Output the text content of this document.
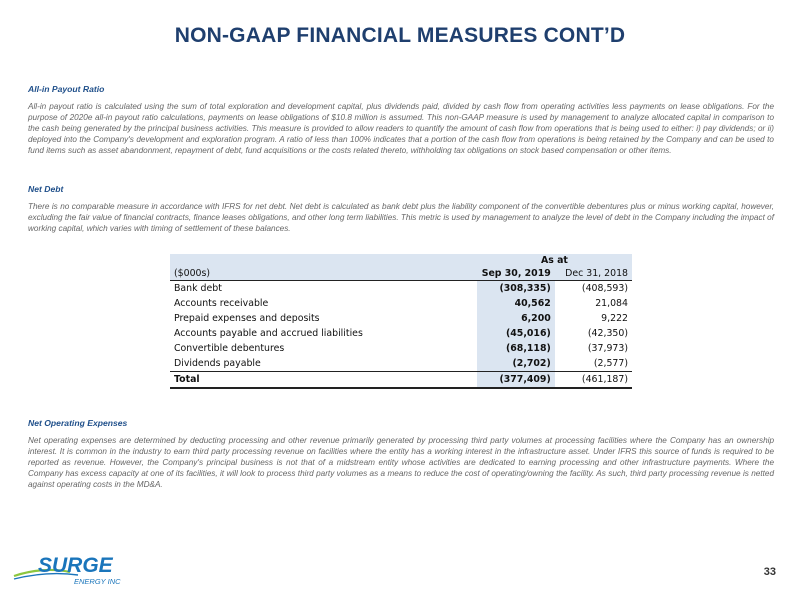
NON-GAAP FINANCIAL MEASURES CONT’D

All-in Payout Ratio

All-in payout ratio is calculated using the sum of total exploration and development capital, plus dividends paid, divided by cash flow from operating activities less payments on lease obligations. For the purpose of 2020e all-in payout ratio calculations, payments on lease obligations of $10.8 million is assumed. This non-GAAP measure is used by management to analyze allocated capital in comparison to the cash being generated by the principal business activities. This measure is provided to allow readers to quantify the amount of cash flow from operations that is being used to either: i) pay dividends; or ii) deployed into the Company's development and exploration program. A ratio of less than 100% indicates that a portion of the cash flow from operations is being retained by the Company and can be used to fund items such as asset abandonment, repayment of debt, fund acquisitions or the costs related thereto, withholding tax obligations on stock based compensation or other items.

Net Debt

There is no comparable measure in accordance with IFRS for net debt. Net debt is calculated as bank debt plus the liability component of the convertible debentures plus or minus working capital, however, excluding the fair value of financial contracts, finance leases obligations, and other long term liabilities. This metric is used by management to analyze the level of debt in the Company including the impact of working capital, which varies with timing of settlement of these balances.

	As at	
($000s)	Sep 30, 2019	Dec 31, 2018
Bank debt	(308,335)	(408,593)
Accounts receivable	40,562	21,084
Prepaid expenses and deposits	6,200	9,222
Accounts payable and accrued liabilities	(45,016)	(42,350)
Convertible debentures	(68,118)	(37,973)
Dividends payable	(2,702)	(2,577)
Total	(377,409)	(461,187)

Net Operating Expenses

Net operating expenses are determined by deducting processing and other revenue primarily generated by processing third party volumes at processing facilities where the Company has an ownership interest. It is common in the industry to earn third party processing revenue on facilities where the entity has a working interest in the infrastructure asset. Under IFRS this source of funds is required to be reported as revenue. However, the Company's principal business is not that of a midstream entity whose activities are dedicated to earning processing and other infrastructure payments. Where the Company has excess capacity at one of its facilities, it will look to process third party volumes as a means to reduce the cost of operating/owning the facility. As such, third party processing revenue is netted against operating costs in the MD&A.

SURGE
ENERGY INC
33
